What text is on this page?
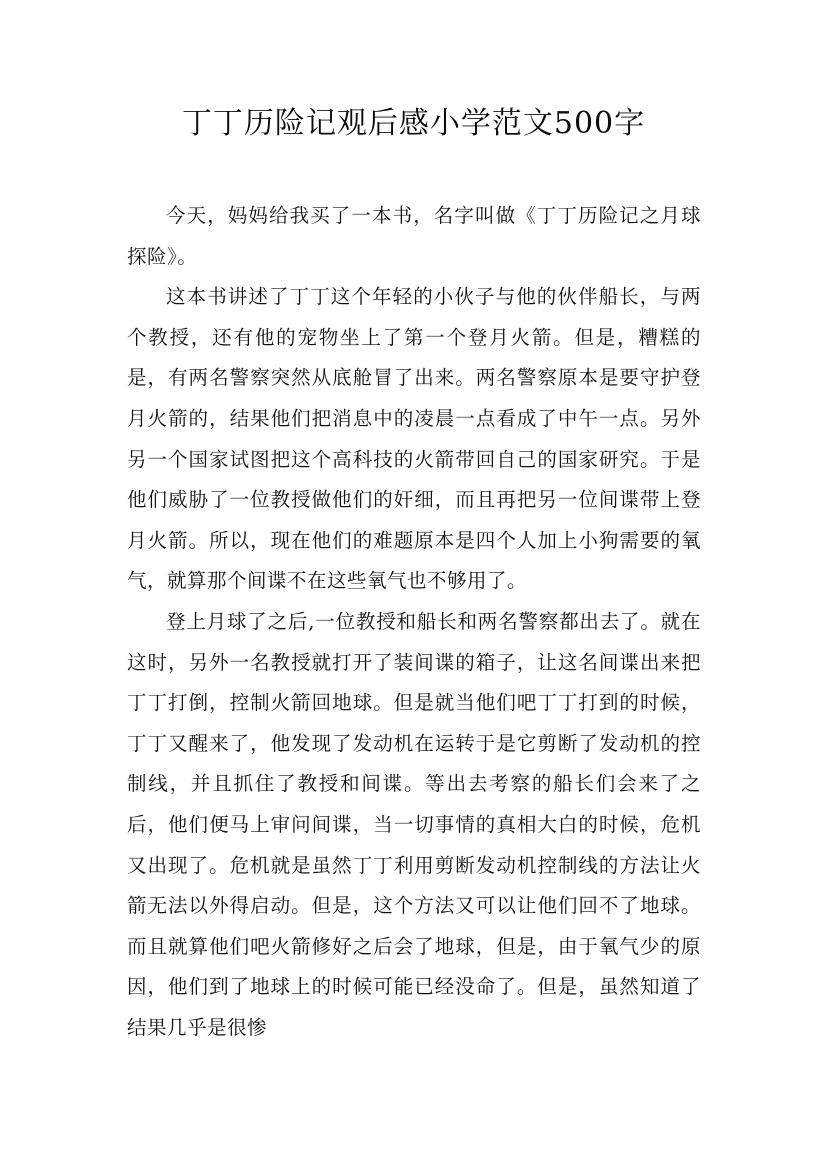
丁丁历险记观后感小学范文500字

今天，妈妈给我买了一本书，名字叫做《丁丁历险记之月球探险》。

这本书讲述了丁丁这个年轻的小伙子与他的伙伴船长，与两个教授，还有他的宠物坐上了第一个登月火箭。但是，糟糕的是，有两名警察突然从底舱冒了出来。两名警察原本是要守护登月火箭的，结果他们把消息中的凌晨一点看成了中午一点。另外另一个国家试图把这个高科技的火箭带回自己的国家研究。于是他们威胁了一位教授做他们的奸细，而且再把另一位间谍带上登月火箭。所以，现在他们的难题原本是四个人加上小狗需要的氧气，就算那个间谍不在这些氧气也不够用了。

登上月球了之后,一位教授和船长和两名警察都出去了。就在这时，另外一名教授就打开了装间谍的箱子，让这名间谍出来把丁丁打倒，控制火箭回地球。但是就当他们吧丁丁打到的时候，丁丁又醒来了，他发现了发动机在运转于是它剪断了发动机的控制线，并且抓住了教授和间谍。等出去考察的船长们会来了之后，他们便马上审问间谍，当一切事情的真相大白的时候，危机又出现了。危机就是虽然丁丁利用剪断发动机控制线的方法让火箭无法以外得启动。但是，这个方法又可以让他们回不了地球。而且就算他们吧火箭修好之后会了地球，但是，由于氧气少的原因，他们到了地球上的时候可能已经没命了。但是，虽然知道了结果几乎是很惨
